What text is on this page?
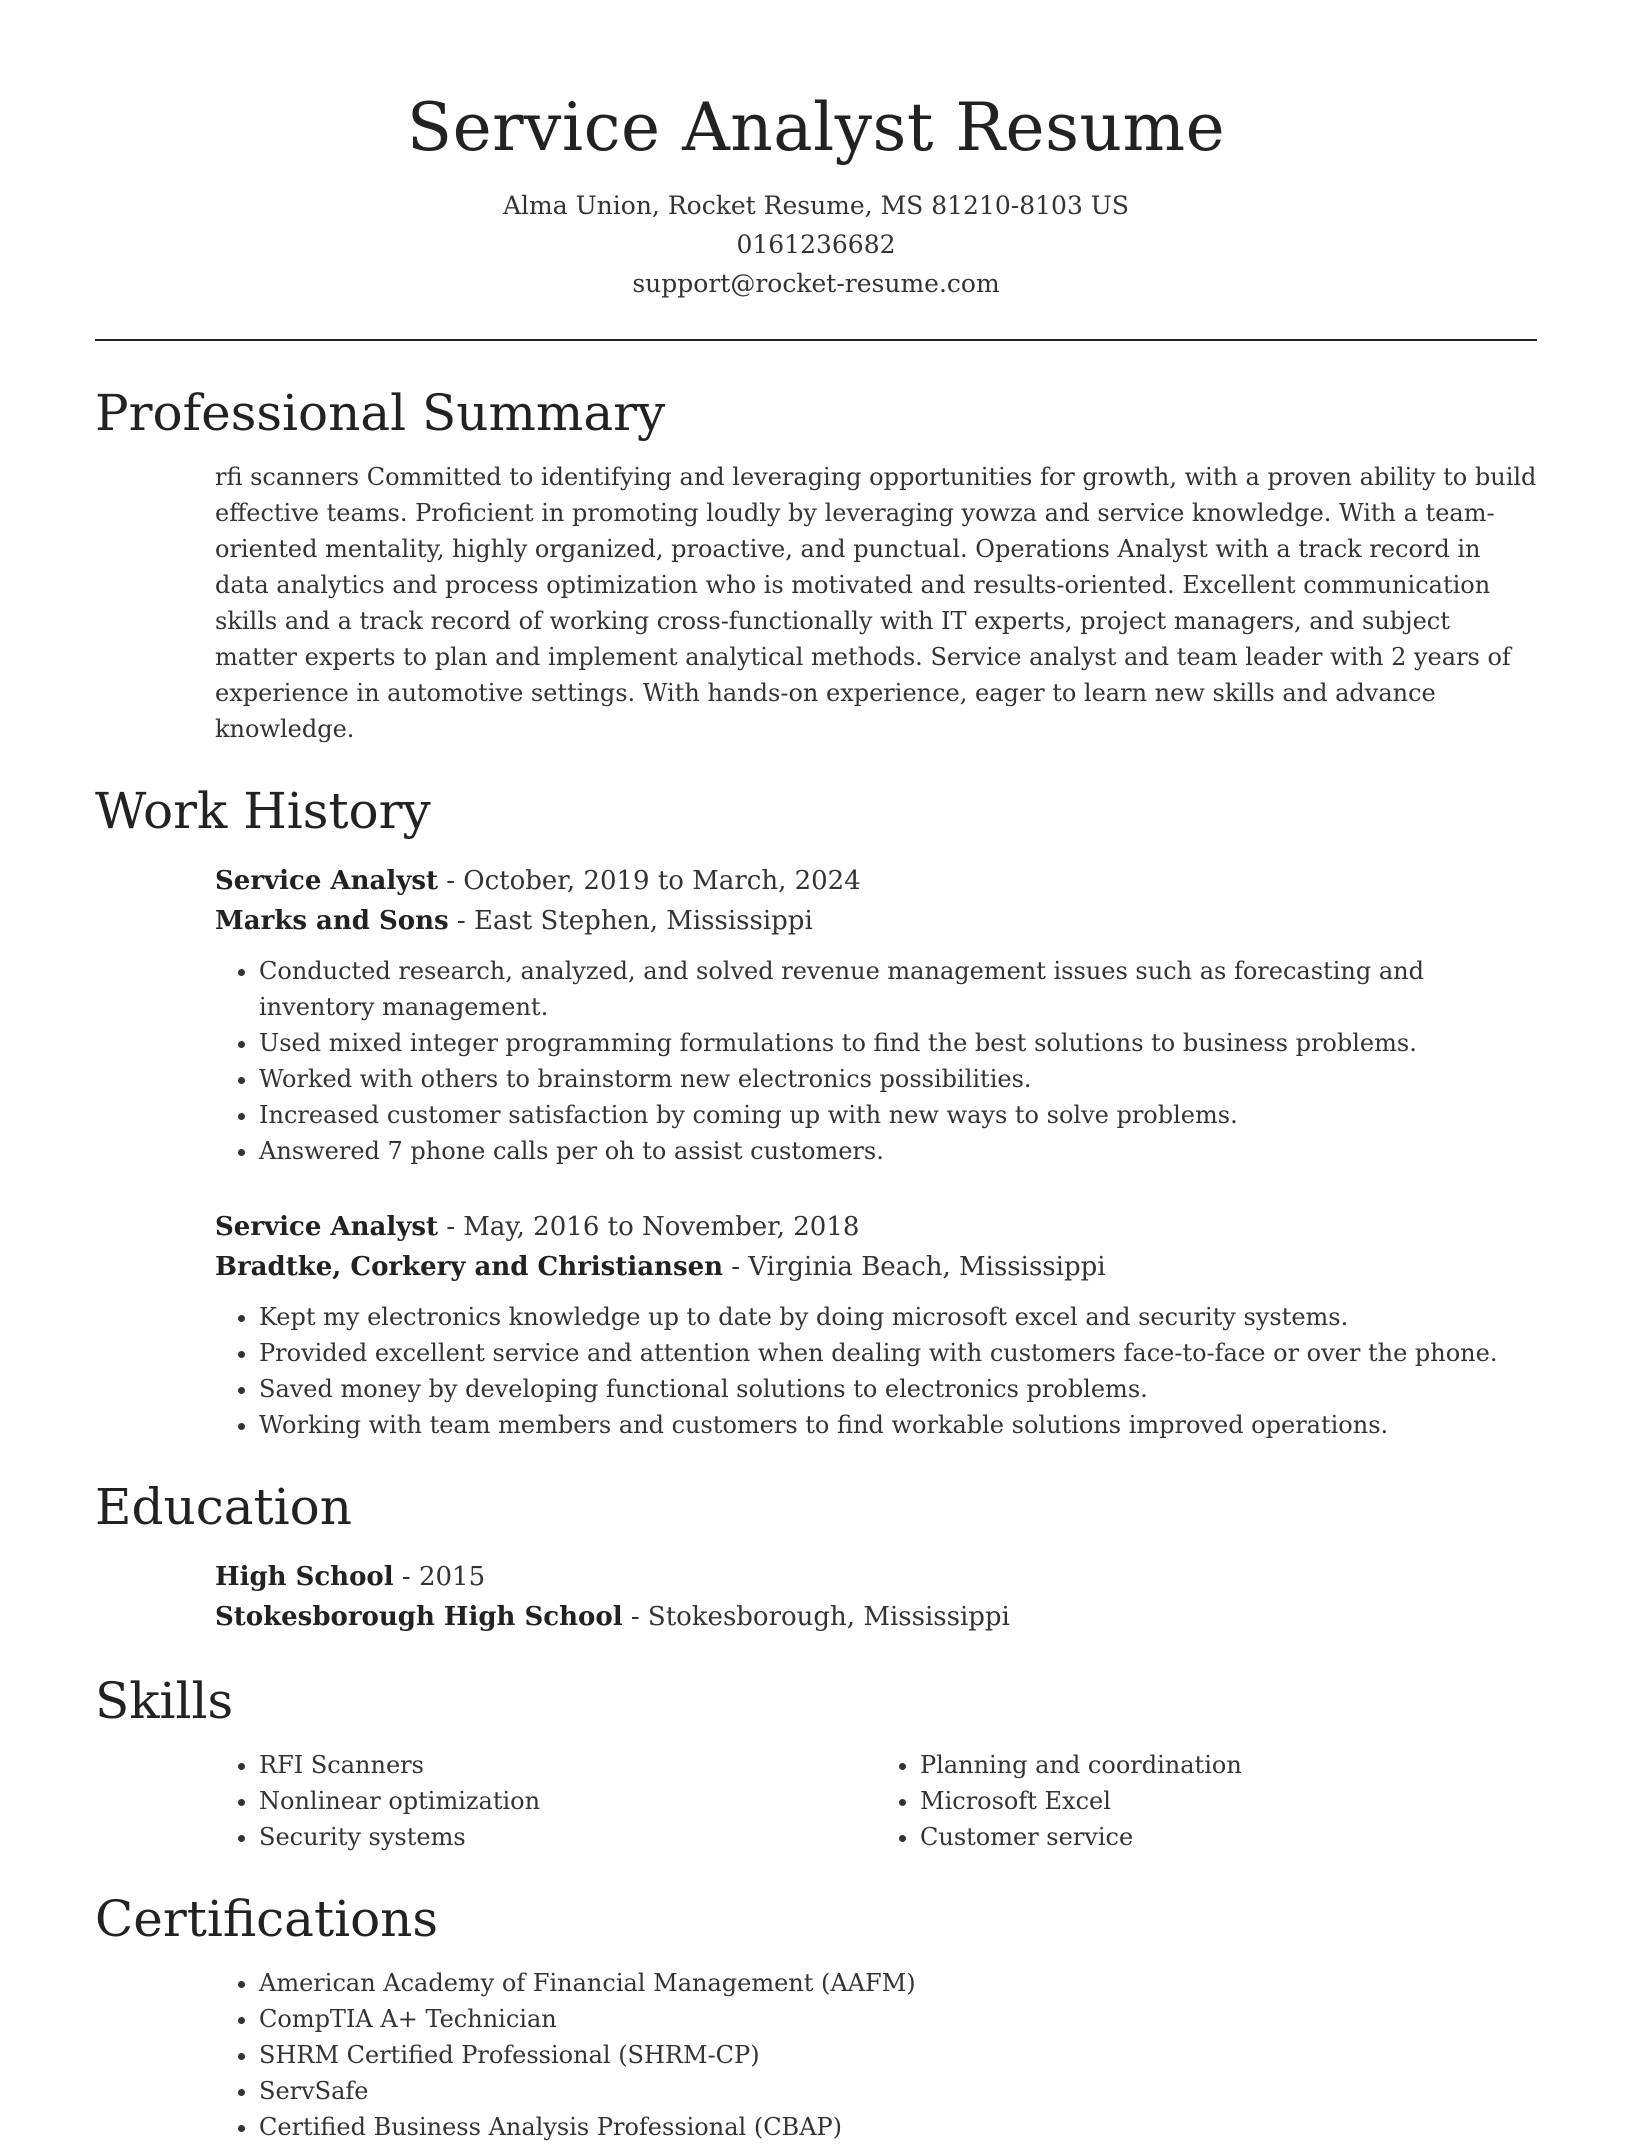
Service Analyst Resume
Alma Union, Rocket Resume, MS 81210-8103 US
0161236682
support@rocket-resume.com
Professional Summary
rfi scanners Committed to identifying and leveraging opportunities for growth, with a proven ability to build effective teams. Proficient in promoting loudly by leveraging yowza and service knowledge. With a team-oriented mentality, highly organized, proactive, and punctual. Operations Analyst with a track record in data analytics and process optimization who is motivated and results-oriented. Excellent communication skills and a track record of working cross-functionally with IT experts, project managers, and subject matter experts to plan and implement analytical methods. Service analyst and team leader with 2 years of experience in automotive settings. With hands-on experience, eager to learn new skills and advance knowledge.
Work History
Service Analyst - October, 2019 to March, 2024
Marks and Sons - East Stephen, Mississippi
• Conducted research, analyzed, and solved revenue management issues such as forecasting and inventory management.
• Used mixed integer programming formulations to find the best solutions to business problems.
• Worked with others to brainstorm new electronics possibilities.
• Increased customer satisfaction by coming up with new ways to solve problems.
• Answered 7 phone calls per oh to assist customers.
Service Analyst - May, 2016 to November, 2018
Bradtke, Corkery and Christiansen - Virginia Beach, Mississippi
• Kept my electronics knowledge up to date by doing microsoft excel and security systems.
• Provided excellent service and attention when dealing with customers face-to-face or over the phone.
• Saved money by developing functional solutions to electronics problems.
• Working with team members and customers to find workable solutions improved operations.
Education
High School - 2015
Stokesborough High School - Stokesborough, Mississippi
Skills
• RFI Scanners
• Nonlinear optimization
• Security systems
• Planning and coordination
• Microsoft Excel
• Customer service
Certifications
• American Academy of Financial Management (AAFM)
• CompTIA A+ Technician
• SHRM Certified Professional (SHRM-CP)
• ServSafe
• Certified Business Analysis Professional (CBAP)
